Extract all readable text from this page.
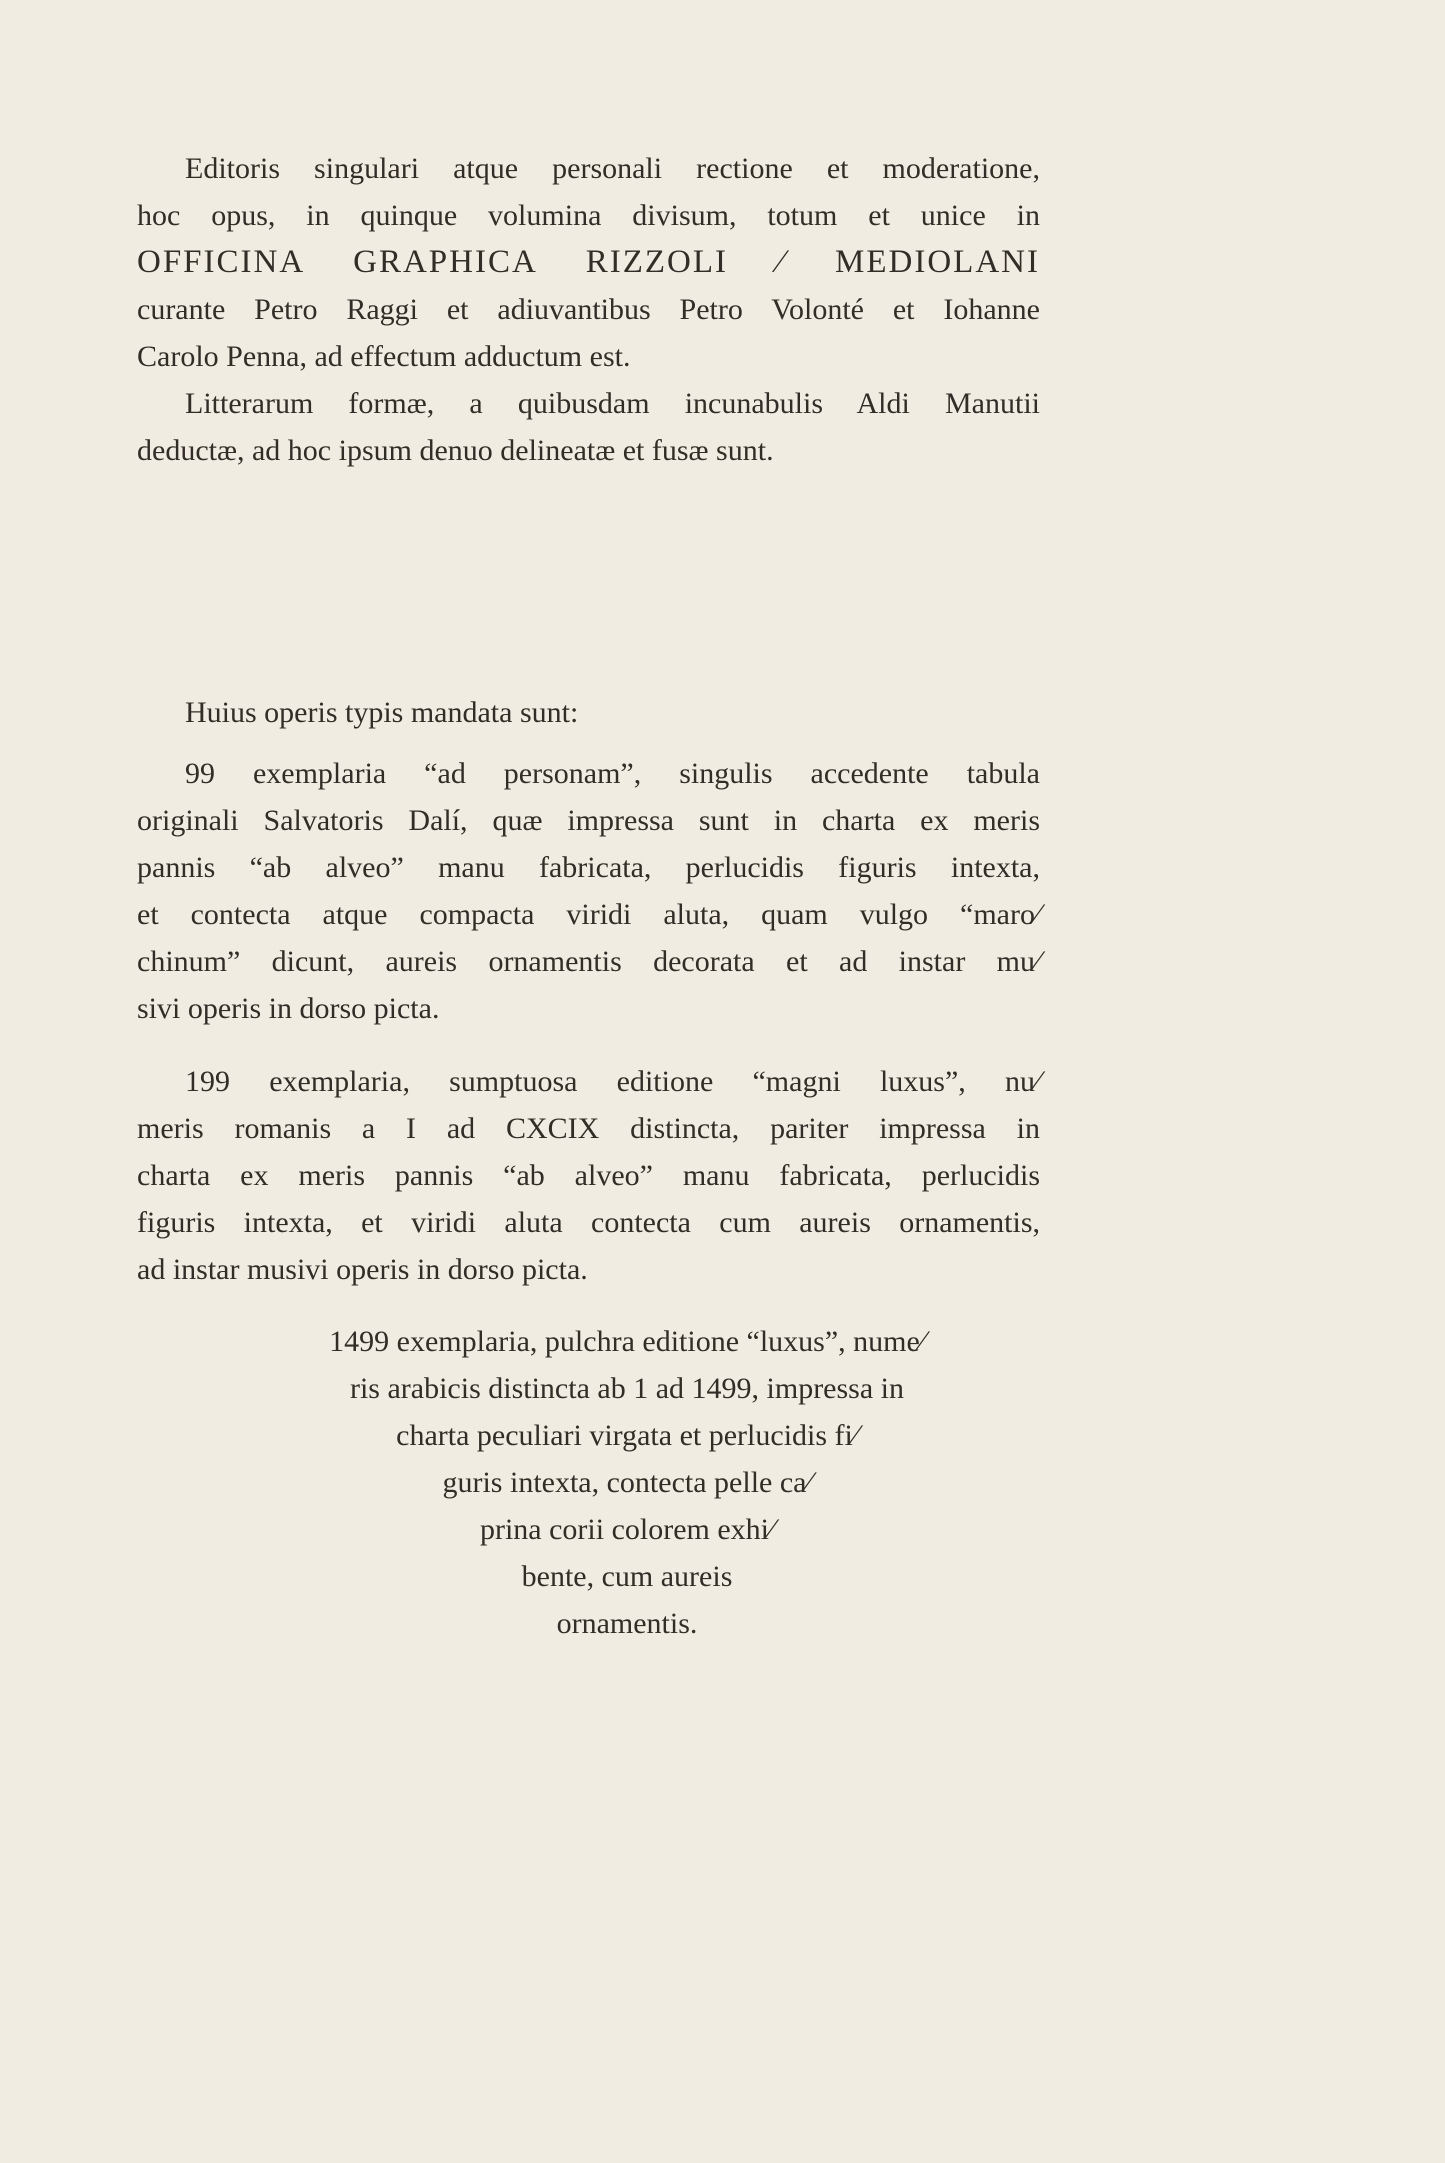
Editoris singulari atque personali rectione et moderatione,
hoc opus, in quinque volumina divisum, totum et unice in
OFFICINA GRAPHICA RIZZOLI ∕ MEDIOLANI
curante Petro Raggi et adiuvantibus Petro Volonté et Iohanne
Carolo Penna, ad effectum adductum est.
Litterarum formæ, a quibusdam incunabulis Aldi Manutii
deductæ, ad hoc ipsum denuo delineatæ et fusæ sunt.
Huius operis typis mandata sunt:
99 exemplaria “ad personam”, singulis accedente tabula
originali Salvatoris Dalí, quæ impressa sunt in charta ex meris
pannis “ab alveo” manu fabricata, perlucidis figuris intexta,
et contecta atque compacta viridi aluta, quam vulgo “maro∕
chinum” dicunt, aureis ornamentis decorata et ad instar mu∕
sivi operis in dorso picta.
199 exemplaria, sumptuosa editione “magni luxus”, nu∕
meris romanis a I ad CXCIX distincta, pariter impressa in
charta ex meris pannis “ab alveo” manu fabricata, perlucidis
figuris intexta, et viridi aluta contecta cum aureis ornamentis,
ad instar musivi operis in dorso picta.
1499 exemplaria, pulchra editione “luxus”, nume∕
ris arabicis distincta ab 1 ad 1499, impressa in
charta peculiari virgata et perlucidis fi∕
guris intexta, contecta pelle ca∕
prina corii colorem exhi∕
bente, cum aureis
ornamentis.
